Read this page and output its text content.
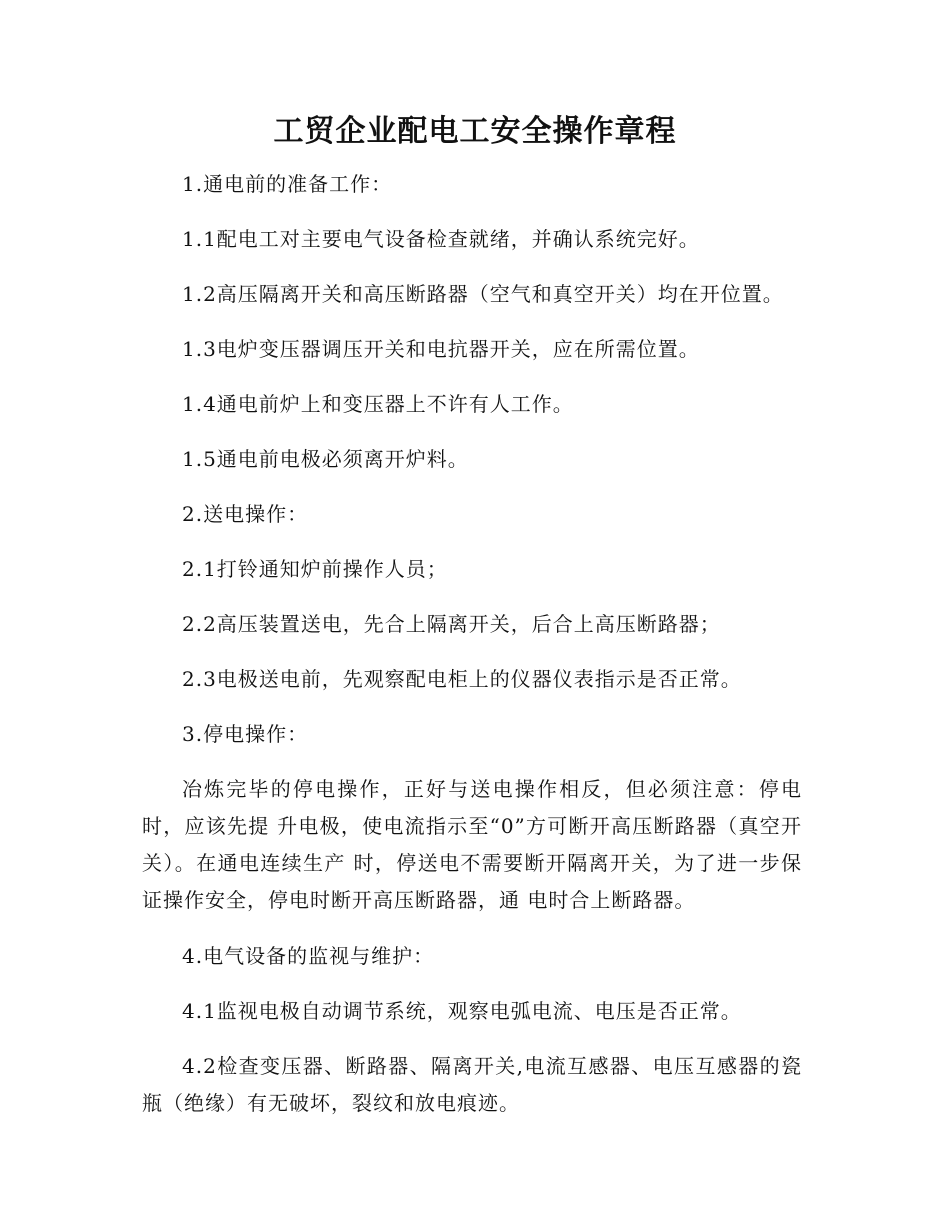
工贸企业配电工安全操作章程

1.通电前的准备工作：

1.1配电工对主要电气设备检查就绪，并确认系统完好。

1.2高压隔离开关和高压断路器（空气和真空开关）均在开位置。

1.3电炉变压器调压开关和电抗器开关，应在所需位置。

1.4通电前炉上和变压器上不许有人工作。

1.5通电前电极必须离开炉料。

2.送电操作：

2.1打铃通知炉前操作人员；

2.2高压装置送电，先合上隔离开关，后合上高压断路器；

2.3电极送电前，先观察配电柜上的仪器仪表指示是否正常。

3.停电操作：

冶炼完毕的停电操作，正好与送电操作相反，但必须注意：停电时，应该先提 升电极，使电流指示至“0”方可断开高压断路器（真空开关）。在通电连续生产 时，停送电不需要断开隔离开关，为了进一步保证操作安全，停电时断开高压断路器，通 电时合上断路器。

4.电气设备的监视与维护：

4.1监视电极自动调节系统，观察电弧电流、电压是否正常。

4.2检查变压器、断路器、隔离开关,电流互感器、电压互感器的瓷瓶（绝缘）有无破坏，裂纹和放电痕迹。
